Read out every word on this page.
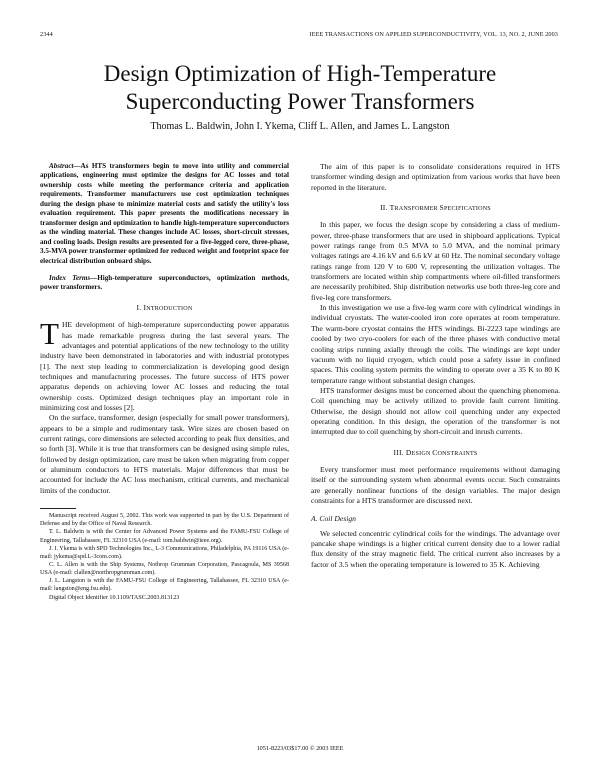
2344	IEEE TRANSACTIONS ON APPLIED SUPERCONDUCTIVITY, VOL. 13, NO. 2, JUNE 2003
Design Optimization of High-Temperature
Superconducting Power Transformers
Thomas L. Baldwin, John I. Ykema, Cliff L. Allen, and James L. Langston

Abstract—As HTS transformers begin to move into utility and commercial applications, engineering must optimize the designs for AC losses and total ownership costs while meeting the performance criteria and application requirements. Transformer manufacturers use cost optimization techniques during the design phase to minimize material costs and satisfy the utility's loss evaluation requirement. This paper presents the modifications necessary in transformer design and optimization to handle high-temperature superconductors as the winding material. These changes include AC losses, short-circuit stresses, and cooling loads. Design results are presented for a five-legged core, three-phase, 3.5-MVA power transformer optimized for reduced weight and footprint space for electrical distribution onboard ships.

Index Terms—High-temperature superconductors, optimization methods, power transformers.

I. INTRODUCTION

THE development of high-temperature superconducting power apparatus has made remarkable progress during the last several years. The advantages and potential applications of the new technology to the utility industry have been demonstrated in laboratories and with industrial prototypes [1]. The next step leading to commercialization is developing good design techniques and manufacturing processes. The future success of HTS power apparatus depends on achieving lower AC losses and reducing the total ownership costs. Optimized design techniques play an important role in minimizing cost and losses [2].

On the surface, transformer, design (especially for small power transformers), appears to be a simple and rudimentary task. Wire sizes are chosen based on current ratings, core dimensions are selected according to peak flux densities, and so forth [3]. While it is true that transformers can be designed using simple rules, followed by design optimization, care must be taken when migrating from copper or aluminum conductors to HTS materials. Major differences that must be accounted for include the AC loss mechanism, critical currents, and mechanical limits of the conductor.

Manuscript received August 5, 2002. This work was supported in part by the U.S. Department of Defense and by the Office of Naval Research.

T. L. Baldwin is with the Center for Advanced Power Systems and the FAMU-FSU College of Engineering, Tallahassee, FL 32310 USA (e-mail: tom.baldwin@ieee.org).

J. I. Ykema is with SPD Technologies Inc., L-3 Communications, Philadelphia, PA 19116 USA (e-mail: jykema@spd.L-3com.com).

C. L. Allen is with the Ship Systems, Nothrop Grumman Corporation, Pascagoula, MS 39568 USA (e-mail: clallen@northropgrumman.com).

J. L. Langston is with the FAMU-FSU College of Engineering, Tallahassee, FL 32310 USA (e-mail: langston@eng.fsu.edu).

Digital Object Identifier 10.1109/TASC.2003.813123

The aim of this paper is to consolidate considerations required in HTS transformer winding design and optimization from various works that have been reported in the literature.

II. TRANSFORMER SPECIFICATIONS

In this paper, we focus the design scope by considering a class of medium-power, three-phase transformers that are used in shipboard applications. Typical power ratings range from 0.5 MVA to 5.0 MVA, and the nominal primary voltages ratings are 4.16 kV and 6.6 kV at 60 Hz. The nominal secondary voltage ratings range from 120 V to 600 V, representing the utilization voltages. The transformers are located within ship compartments where oil-filled transformers are necessarily prohibited. Ship distribution networks use both three-leg core and five-leg core transformers.

In this investigation we use a five-leg warm core with cylindrical windings in individual cryostats. The water-cooled iron core operates at room temperature. The warm-bore cryostat contains the HTS windings. Bi-2223 tape windings are cooled by two cryo-coolers for each of the three phases with conductive metal cooling strips running axially through the coils. The windings are kept under vacuum with no liquid cryogen, which could pose a safety issue in confined spaces. This cooling system permits the winding to operate over a 35 K to 80 K temperature range without substantial design changes.

HTS transformer designs must be concerned about the quenching phenomena. Coil quenching may be actively utilized to provide fault current limiting. Otherwise, the design should not allow coil quenching under any expected operating condition. In this design, the operation of the transformer is not interrupted due to coil quenching by short-circuit and inrush currents.

III. DESIGN CONSTRAINTS

Every transformer must meet performance requirements without damaging itself or the surrounding system when abnormal events occur. Such constraints are generally nonlinear functions of the design variables. The major design constraints for a HTS transformer are discussed next.

A. Coil Design

We selected concentric cylindrical coils for the windings. The advantage over pancake shape windings is a higher critical current density due to a lower radial flux density of the stray magnetic field. The critical current also increases by a factor of 3.5 when the operating temperature is lowered to 35 K. Achieving

1051-8223/03$17.00 © 2003 IEEE
